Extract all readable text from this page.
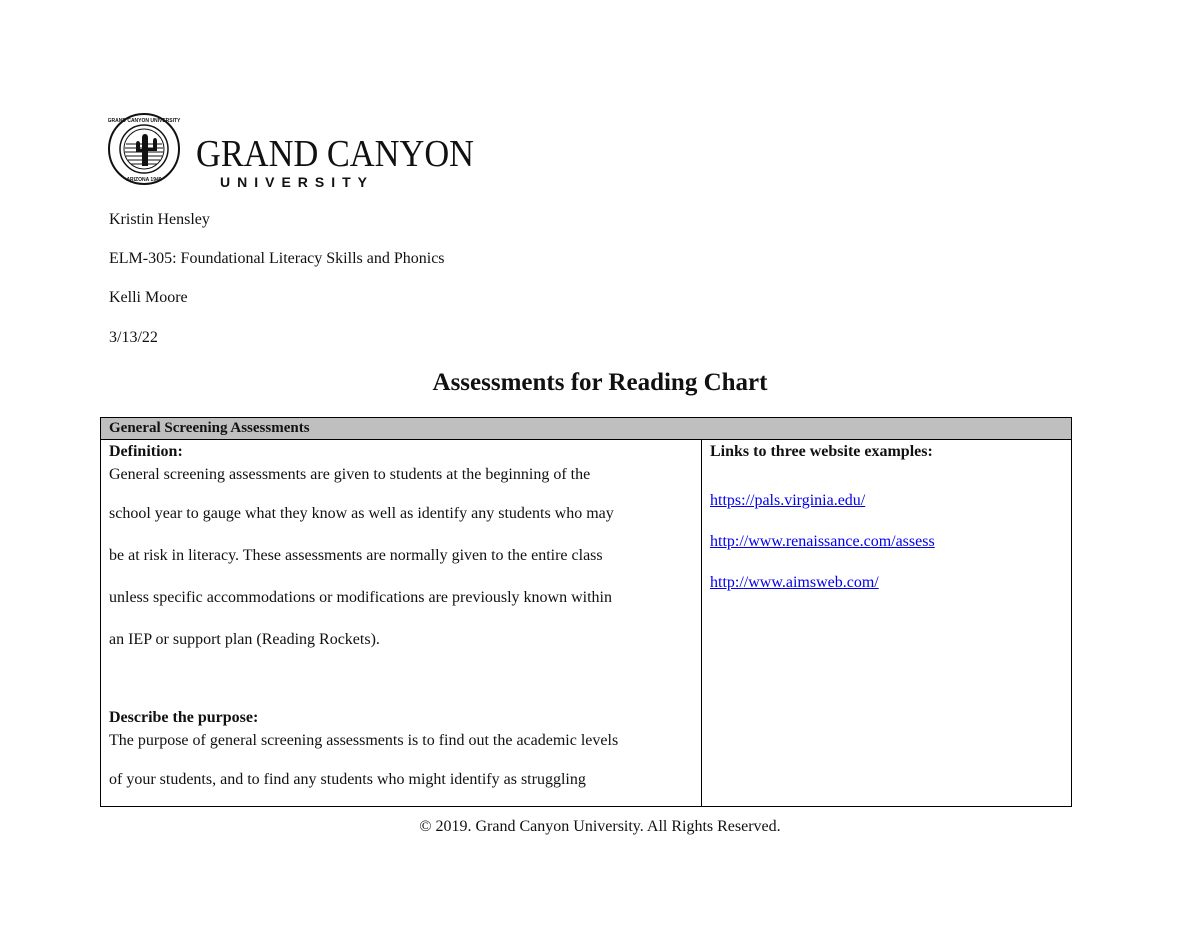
GRAND CANYON UNIVERSITY
ARIZONA 1949
GRAND CANYON
UNIVERSITY
Kristin Hensley
ELM-305: Foundational Literacy Skills and Phonics
Kelli Moore
3/13/22
Assessments for Reading Chart
General Screening Assessments
Definition:
General screening assessments are given to students at the beginning of the
school year to gauge what they know as well as identify any students who may
be at risk in literacy. These assessments are normally given to the entire class
unless specific accommodations or modifications are previously known within
an IEP or support plan (Reading Rockets).
Describe the purpose:
The purpose of general screening assessments is to find out the academic levels
of your students, and to find any students who might identify as struggling
Links to three website examples:
https://pals.virginia.edu/
http://www.renaissance.com/assess
http://www.aimsweb.com/
© 2019. Grand Canyon University. All Rights Reserved.
